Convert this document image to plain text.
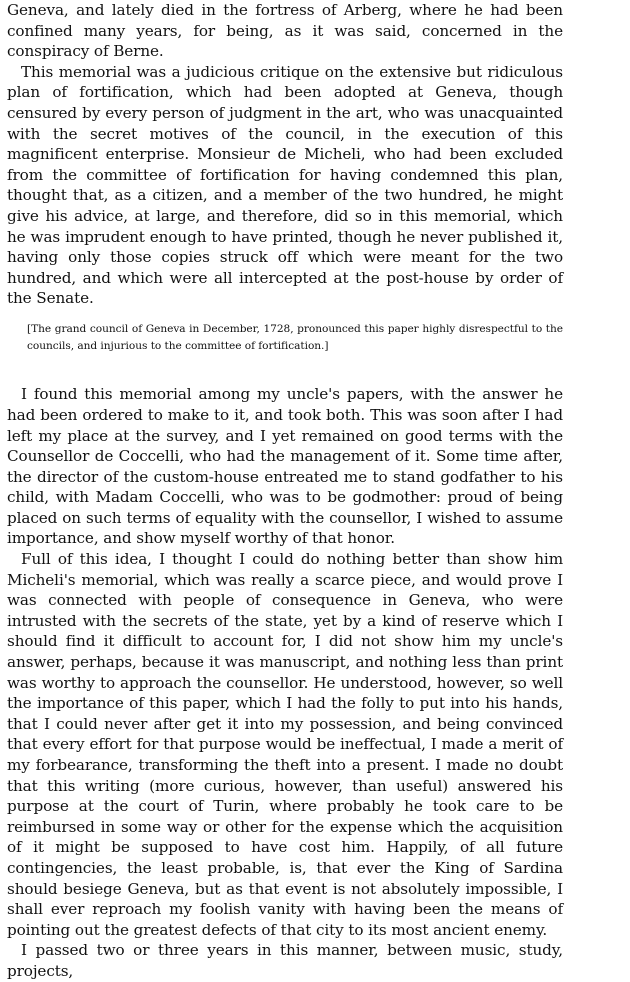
Geneva, and lately died in the fortress of Arberg, where he had been confined many years, for being, as it was said, concerned in the conspiracy of Berne.

This memorial was a judicious critique on the extensive but ridiculous plan of fortification, which had been adopted at Geneva, though censured by every person of judgment in the art, who was unacquainted with the secret motives of the council, in the execution of this magnificent enterprise. Monsieur de Micheli, who had been excluded from the committee of fortification for having condemned this plan, thought that, as a citizen, and a member of the two hundred, he might give his advice, at large, and therefore, did so in this memorial, which he was imprudent enough to have printed, though he never published it, having only those copies struck off which were meant for the two hundred, and which were all intercepted at the post-house by order of the Senate.

[The grand council of Geneva in December, 1728, pronounced this paper highly disrespectful to the councils, and injurious to the committee of fortification.]

I found this memorial among my uncle's papers, with the answer he had been ordered to make to it, and took both. This was soon after I had left my place at the survey, and I yet remained on good terms with the Counsellor de Coccelli, who had the management of it. Some time after, the director of the custom-house entreated me to stand godfather to his child, with Madam Coccelli, who was to be godmother: proud of being placed on such terms of equality with the counsellor, I wished to assume importance, and show myself worthy of that honor.

Full of this idea, I thought I could do nothing better than show him Micheli's memorial, which was really a scarce piece, and would prove I was connected with people of consequence in Geneva, who were intrusted with the secrets of the state, yet by a kind of reserve which I should find it difficult to account for, I did not show him my uncle's answer, perhaps, because it was manuscript, and nothing less than print was worthy to approach the counsellor. He understood, however, so well the importance of this paper, which I had the folly to put into his hands, that I could never after get it into my possession, and being convinced that every effort for that purpose would be ineffectual, I made a merit of my forbearance, transforming the theft into a present. I made no doubt that this writing (more curious, however, than useful) answered his purpose at the court of Turin, where probably he took care to be reimbursed in some way or other for the expense which the acquisition of it might be supposed to have cost him. Happily, of all future contingencies, the least probable, is, that ever the King of Sardina should besiege Geneva, but as that event is not absolutely impossible, I shall ever reproach my foolish vanity with having been the means of pointing out the greatest defects of that city to its most ancient enemy.

I passed two or three years in this manner, between music, study, projects,
